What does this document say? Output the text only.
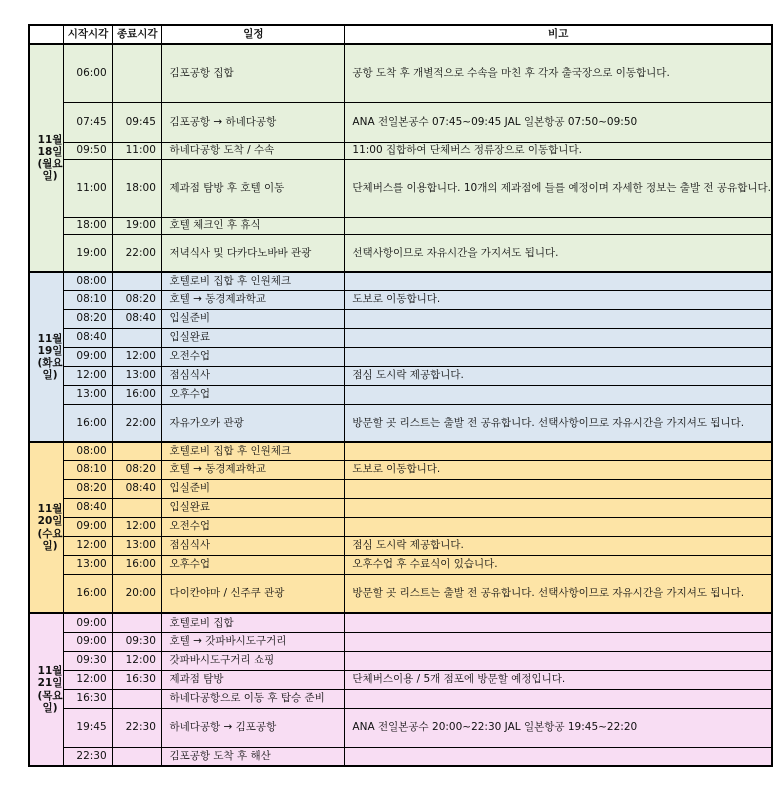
	시작시각	종료시각	일정	비고
11월
18일
(월요일)	06:00		김포공항 집합	공항 도착 후 개별적으로 수속을 마친 후 각자 출국장으로 이동합니다.
	07:45	09:45	김포공항 → 하네다공항	ANA 전일본공수 07:45~09:45 JAL 일본항공 07:50~09:50
	09:50	11:00	하네다공항 도착 / 수속	11:00 집합하여 단체버스 정류장으로 이동합니다.
	11:00	18:00	제과점 탐방 후 호텔 이동	단체버스를 이용합니다. 10개의 제과점에 들를 예정이며 자세한 정보는 출발 전 공유합니다.
	18:00	19:00	호텔 체크인 후 휴식	
	19:00	22:00	저녁식사 및 다카다노바바 관광	선택사항이므로 자유시간을 가지셔도 됩니다.
11월
19일
(화요일)	08:00		호텔로비 집합 후 인원체크	
	08:10	08:20	호텔 → 동경제과학교	도보로 이동합니다.
	08:20	08:40	입실준비	
	08:40		입실완료	
	09:00	12:00	오전수업	
	12:00	13:00	점심식사	점심 도시락 제공합니다.
	13:00	16:00	오후수업	
	16:00	22:00	자유가오카 관광	방문할 곳 리스트는 출발 전 공유합니다. 선택사항이므로 자유시간을 가지셔도 됩니다.
11월
20일
(수요일)	08:00		호텔로비 집합 후 인원체크	
	08:10	08:20	호텔 → 동경제과학교	도보로 이동합니다.
	08:20	08:40	입실준비	
	08:40		입실완료	
	09:00	12:00	오전수업	
	12:00	13:00	점심식사	점심 도시락 제공합니다.
	13:00	16:00	오후수업	오후수업 후 수료식이 있습니다.
	16:00	20:00	다이칸야마 / 신주쿠 관광	방문할 곳 리스트는 출발 전 공유합니다. 선택사항이므로 자유시간을 가지셔도 됩니다.
11월
21일
(목요일)	09:00		호텔로비 집합	
	09:00	09:30	호텔 → 갓파바시도구거리	
	09:30	12:00	갓파바시도구거리 쇼핑	
	12:00	16:30	제과점 탐방	단체버스이용 / 5개 점포에 방문할 예정입니다.
	16:30		하네다공항으로 이동 후 탑승 준비	
	19:45	22:30	하네다공항 → 김포공항	ANA 전일본공수 20:00~22:30 JAL 일본항공 19:45~22:20
	22:30		김포공항 도착 후 해산	
